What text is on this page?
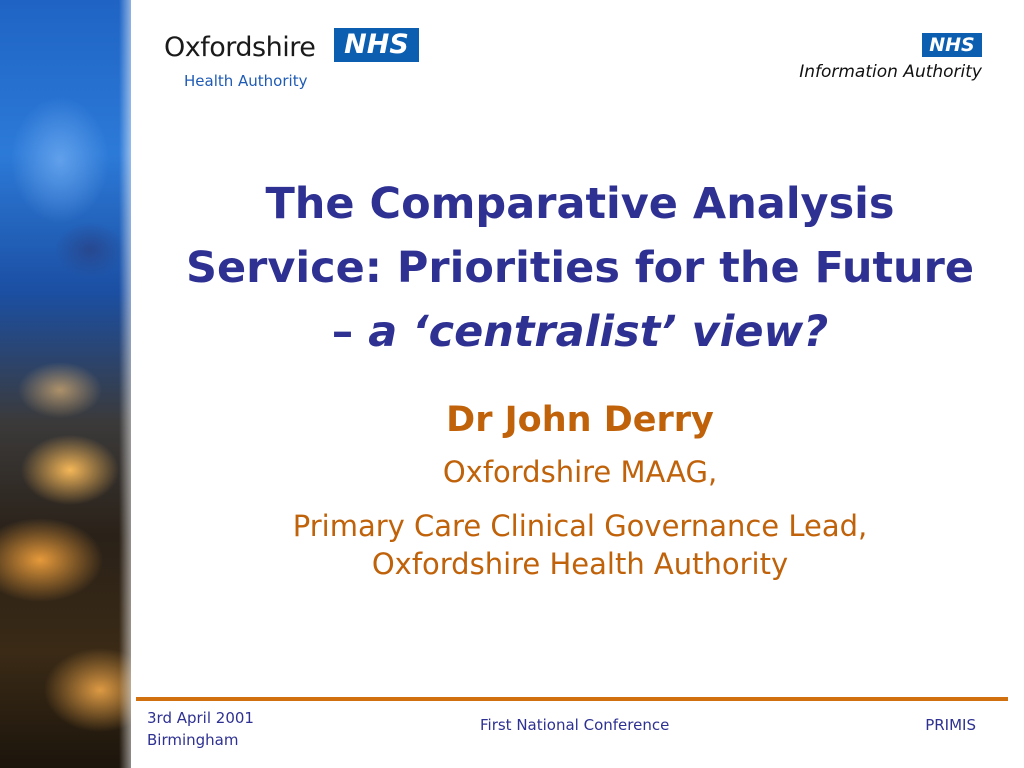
Oxfordshire	NHS
Health Authority
NHS
Information Authority
The Comparative Analysis
Service: Priorities for the Future
– a ‘centralist’ view?
Dr John Derry
Oxfordshire MAAG,
Primary Care Clinical Governance Lead,
Oxfordshire Health Authority
3rd April 2001
Birmingham
First National Conference	PRIMIS
